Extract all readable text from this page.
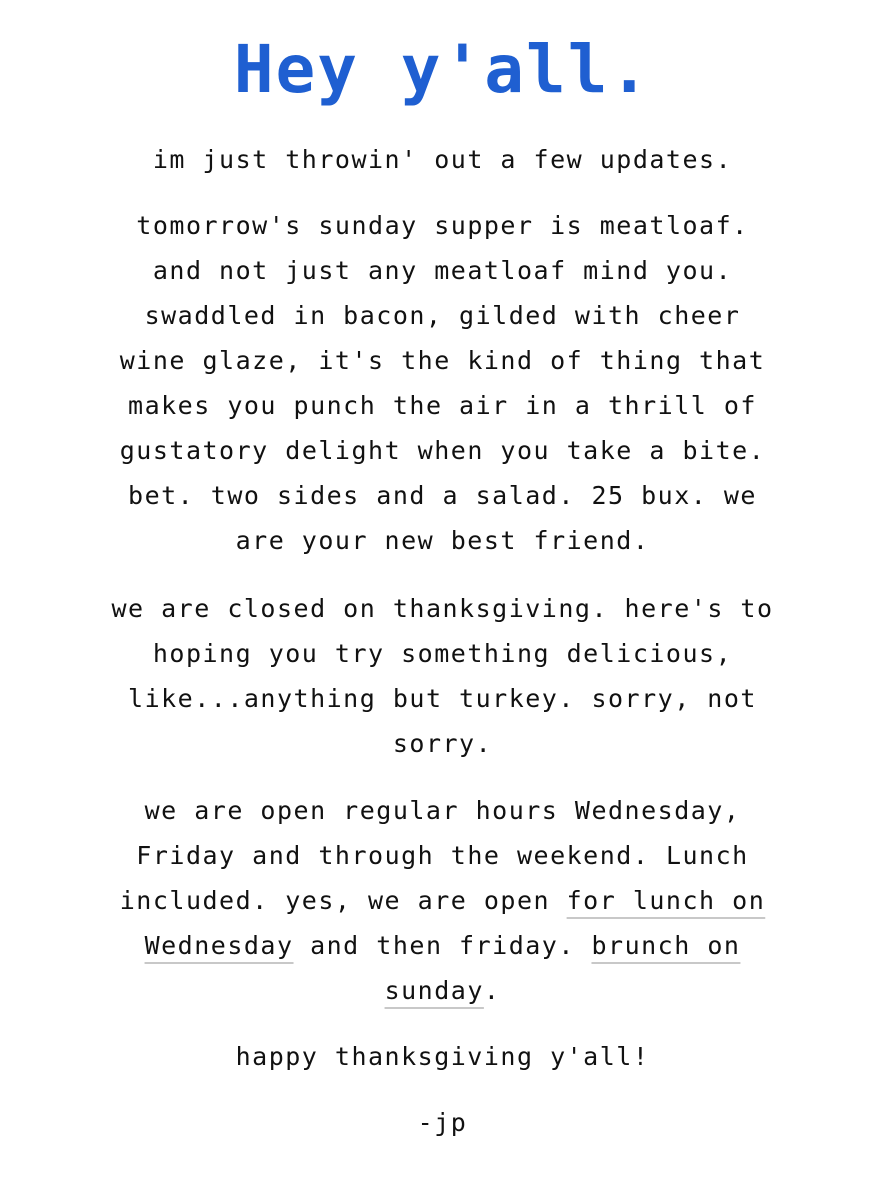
Hey y'all.

im just throwin' out a few updates.

tomorrow's sunday supper is meatloaf.
and not just any meatloaf mind you.
swaddled in bacon, gilded with cheer
wine glaze, it's the kind of thing that
makes you punch the air in a thrill of
gustatory delight when you take a bite.
bet. two sides and a salad. 25 bux. we
are your new best friend.

we are closed on thanksgiving. here's to
hoping you try something delicious,
like...anything but turkey. sorry, not
sorry.

we are open regular hours Wednesday,
Friday and through the weekend. Lunch
included. yes, we are open for lunch on
Wednesday and then friday. brunch on
sunday.

happy thanksgiving y'all!

-jp
